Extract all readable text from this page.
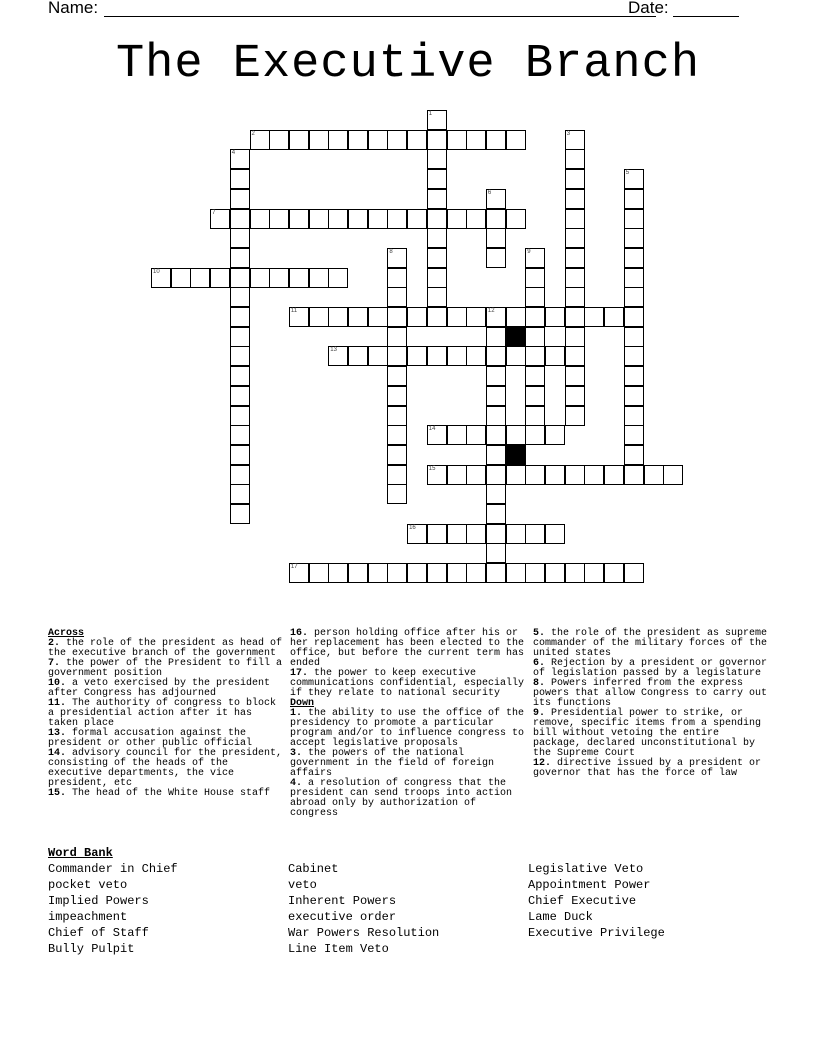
Name:	Date:
The Executive Branch
1
2	3
4
5
6
7
8	9
10
11	12
13
14
15
16
17
Across
2. the role of the president as head of the executive branch of the government
7. the power of the President to fill a government position
10. a veto exercised by the president after Congress has adjourned
11. The authority of congress to block a presidential action after it has taken place
13. formal accusation against the president or other public official
14. advisory council for the president, consisting of the heads of the executive departments, the vice president, etc
15. The head of the White House staff
16. person holding office after his or her replacement has been elected to the office, but before the current term has ended
17. the power to keep executive communications confidential, especially if they relate to national security
Down
1. the ability to use the office of the presidency to promote a particular program and/or to influence congress to accept legislative proposals
3. the powers of the national government in the field of foreign affairs
4. a resolution of congress that the president can send troops into action abroad only by authorization of congress
5. the role of the president as supreme commander of the military forces of the united states
6. Rejection by a president or governor of legislation passed by a legislature
8. Powers inferred from the express powers that allow Congress to carry out its functions
9. Presidential power to strike, or remove, specific items from a spending bill without vetoing the entire package, declared unconstitutional by the Supreme Court
12. directive issued by a president or governor that has the force of law
Word Bank
Commander in Chief
pocket veto
Implied Powers
impeachment
Chief of Staff
Bully Pulpit
Cabinet
veto
Inherent Powers
executive order
War Powers Resolution
Line Item Veto
Legislative Veto
Appointment Power
Chief Executive
Lame Duck
Executive Privilege
